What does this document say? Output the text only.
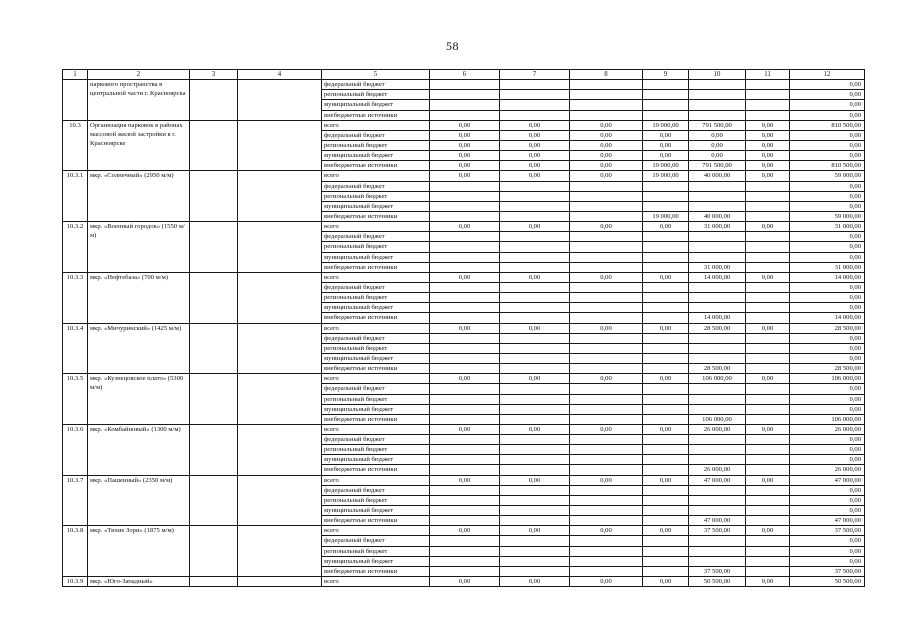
58
1	2	3	4	5	6	7	8	9	10	11	12
	паркового пространства в центральной части г. Красноярска			федеральный бюджет							0,00
				региональный бюджет							0,00
				муниципальный бюджет							0,00
				внебюджетные источники							0,00
10.3	Организация парковок в районах массовой жилой застройки в г. Красноярске			всего	0,00	0,00	0,00	19 000,00	791 500,00	0,00	810 500,00
				федеральный бюджет	0,00	0,00	0,00	0,00	0,00	0,00	0,00
				региональный бюджет	0,00	0,00	0,00	0,00	0,00	0,00	0,00
				муниципальный бюджет	0,00	0,00	0,00	0,00	0,00	0,00	0,00
				внебюджетные источники	0,00	0,00	0,00	19 000,00	791 500,00	0,00	810 500,00
10.3.1	мкр. «Солнечный» (2950 м/м)			всего	0,00	0,00	0,00	19 000,00	40 000,00	0,00	59 000,00
				федеральный бюджет							0,00
				региональный бюджет							0,00
				муниципальный бюджет							0,00
				внебюджетные источники				19 000,00	40 000,00		59 000,00
10.3.2	мкр. «Военный городок» (1550 м/м)			всего	0,00	0,00	0,00	0,00	31 000,00	0,00	31 000,00
				федеральный бюджет							0,00
				региональный бюджет							0,00
				муниципальный бюджет							0,00
				внебюджетные источники					31 000,00		31 000,00
10.3.3	мкр. «Нефтебаза» (700 м/м)			всего	0,00	0,00	0,00	0,00	14 000,00	0,00	14 000,00
				федеральный бюджет							0,00
				региональный бюджет							0,00
				муниципальный бюджет							0,00
				внебюджетные источники					14 000,00		14 000,00
10.3.4	мкр. «Мичуринский» (1425 м/м)			всего	0,00	0,00	0,00	0,00	28 500,00	0,00	28 500,00
				федеральный бюджет							0,00
				региональный бюджет							0,00
				муниципальный бюджет							0,00
				внебюджетные источники					28 500,00		28 500,00
10.3.5	мкр. «Кузнецовское плато» (5300 м/м)			всего	0,00	0,00	0,00	0,00	106 000,00	0,00	106 000,00
				федеральный бюджет							0,00
				региональный бюджет							0,00
				муниципальный бюджет							0,00
				внебюджетные источники					106 000,00		106 000,00
10.3.6	мкр. «Комбайновый» (1300 м/м)			всего	0,00	0,00	0,00	0,00	26 000,00	0,00	26 000,00
				федеральный бюджет							0,00
				региональный бюджет							0,00
				муниципальный бюджет							0,00
				внебюджетные источники					26 000,00		26 000,00
10.3.7	мкр. «Пашенный» (2350 м/м)			всего	0,00	0,00	0,00	0,00	47 000,00	0,00	47 000,00
				федеральный бюджет							0,00
				региональный бюджет							0,00
				муниципальный бюджет							0,00
				внебюджетные источники					47 000,00		47 000,00
10.3.8	мкр. «Тихие Зори» (1875 м/м)			всего	0,00	0,00	0,00	0,00	37 500,00	0,00	37 500,00
				федеральный бюджет							0,00
				региональный бюджет							0,00
				муниципальный бюджет							0,00
				внебюджетные источники					37 500,00		37 500,00
10.3.9	мкр. «Юго-Западный»			всего	0,00	0,00	0,00	0,00	50 500,00	0,00	50 500,00
